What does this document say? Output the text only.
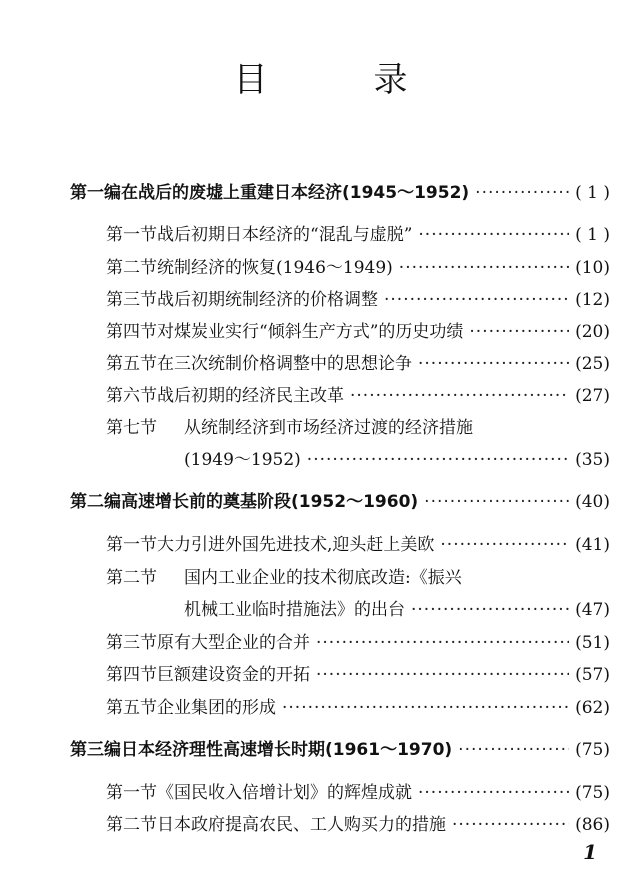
目　录
第一编 在战后的废墟上重建日本经济(1945～1952) ·····	( 1 )
第一节 战后初期日本经济的“混乱与虚脱” ·····	( 1 )
第二节 统制经济的恢复(1946～1949) ·····	(10)
第三节 战后初期统制经济的价格调整 ·····	(12)
第四节 对煤炭业实行“倾斜生产方式”的历史功绩 ·····	(20)
第五节 在三次统制价格调整中的思想论争 ·····	(25)
第六节 战后初期的经济民主改革 ·····	(27)
第七节	从统制经济到市场经济过渡的经济措施
(1949～1952) ·····	(35)
第二编 高速增长前的奠基阶段(1952～1960) ·····	(40)
第一节 大力引进外国先进技术,迎头赶上美欧 ·····	(41)
第二节	国内工业企业的技术彻底改造:《振兴
机械工业临时措施法》的出台 ·····	(47)
第三节 原有大型企业的合并 ·····	(51)
第四节 巨额建设资金的开拓 ·····	(57)
第五节 企业集团的形成 ·····	(62)
第三编 日本经济理性高速增长时期(1961～1970) ·····	(75)
第一节 《国民收入倍增计划》的辉煌成就 ·····	(75)
第二节 日本政府提高农民、工人购买力的措施 ·····	(86)
1
